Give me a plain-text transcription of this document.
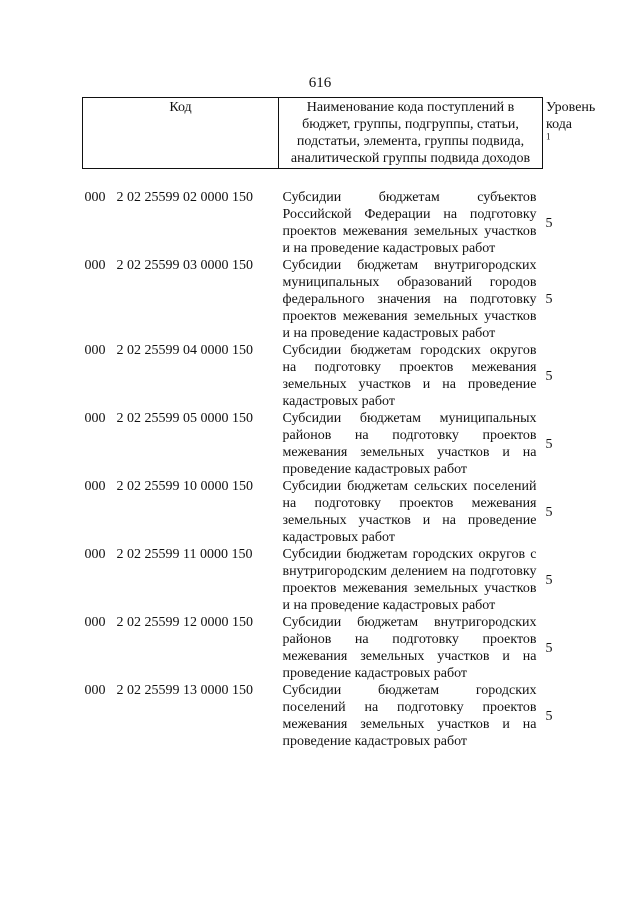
616
Код		Наименование кода поступлений в бюджет, группы, подгруппы, статьи, подстатьи, элемента, группы подвида, аналитической группы подвида доходов	Уровень кода $^1$

000	2 02 25599 02 0000 150	Субсидии бюджетам субъектов Российской Федерации на подготовку проектов межевания земельных участков и на проведение кадастровых работ	5
000	2 02 25599 03 0000 150	Субсидии бюджетам внутригородских муниципальных образований городов федерального значения на подготовку проектов межевания земельных участков и на проведение кадастровых работ	5
000	2 02 25599 04 0000 150	Субсидии бюджетам городских округов на подготовку проектов межевания земельных участков и на проведение кадастровых работ	5
000	2 02 25599 05 0000 150	Субсидии бюджетам муниципальных районов на подготовку проектов межевания земельных участков и на проведение кадастровых работ	5
000	2 02 25599 10 0000 150	Субсидии бюджетам сельских поселений на подготовку проектов межевания земельных участков и на проведение кадастровых работ	5
000	2 02 25599 11 0000 150	Субсидии бюджетам городских округов с внутригородским делением на подготовку проектов межевания земельных участков и на проведение кадастровых работ	5
000	2 02 25599 12 0000 150	Субсидии бюджетам внутригородских районов на подготовку проектов межевания земельных участков и на проведение кадастровых работ	5
000	2 02 25599 13 0000 150	Субсидии бюджетам городских поселений на подготовку проектов межевания земельных участков и на проведение кадастровых работ	5
